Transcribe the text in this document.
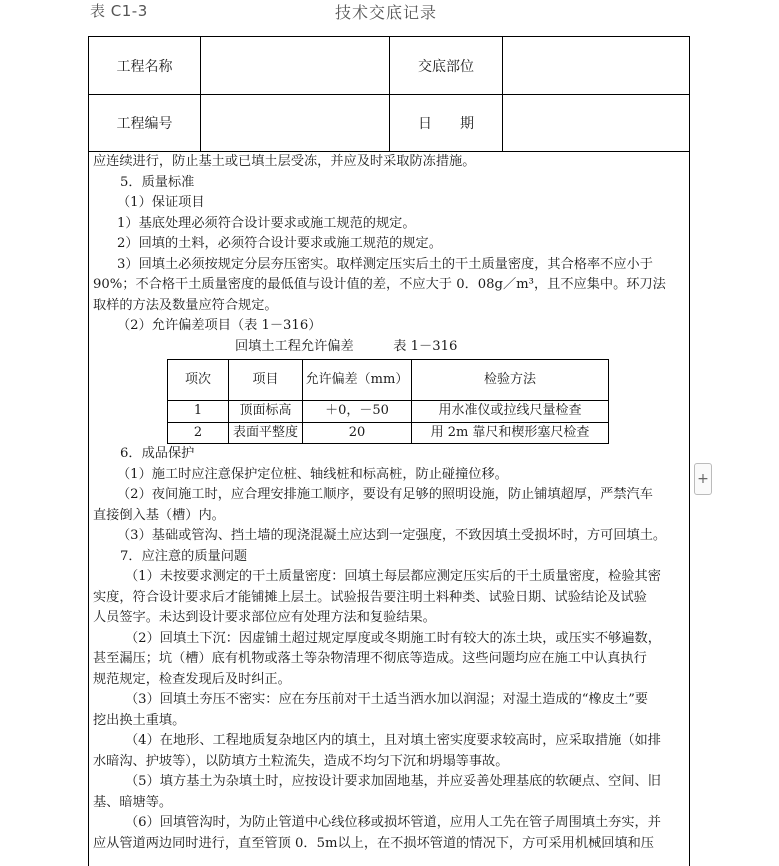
表 C1-3	技术交底记录
工程名称	交底部位
工程编号	日　　期

应连续进行，防止基土或已填土层受冻，并应及时采取防冻措施。

5．质量标准

（1）保证项目

1）基底处理必须符合设计要求或施工规范的规定。

2）回填的土料，必须符合设计要求或施工规范的规定。

3）回填土必须按规定分层夯压密实。取样测定压实后土的干土质量密度，其合格率不应小于

90%；不合格干土质量密度的最低值与设计值的差，不应大于 0．08g／m³，且不应集中。环刀法

取样的方法及数量应符合规定。

（2）允许偏差项目（表 1－316）

回填土工程允许偏差　　　表 1－316

项次	项目	允许偏差（mm）	检验方法
1	顶面标高	＋0，－50	用水准仪或拉线尺量检查
2	表面平整度	20	用 2m 靠尺和楔形塞尺检查

6．成品保护

（1）施工时应注意保护定位桩、轴线桩和标高桩，防止碰撞位移。

（2）夜间施工时，应合理安排施工顺序，要设有足够的照明设施，防止铺填超厚，严禁汽车

直接倒入基（槽）内。

（3）基础或管沟、挡土墙的现浇混凝土应达到一定强度，不致因填土受损坏时，方可回填土。

7．应注意的质量问题

（1）未按要求测定的干土质量密度：回填土每层都应测定压实后的干土质量密度，检验其密

实度，符合设计要求后才能铺摊上层土。试验报告要注明土料种类、试验日期、试验结论及试验

人员签字。未达到设计要求部位应有处理方法和复验结果。

（2）回填土下沉：因虚铺土超过规定厚度或冬期施工时有较大的冻土块，或压实不够遍数，

甚至漏压；坑（槽）底有机物或落土等杂物清理不彻底等造成。这些问题均应在施工中认真执行

规范规定，检查发现后及时纠正。

（3）回填土夯压不密实：应在夯压前对干土适当洒水加以润湿；对湿土造成的“橡皮土”要

挖出换土重填。

（4）在地形、工程地质复杂地区内的填土，且对填土密实度要求较高时，应采取措施（如排

水暗沟、护坡等），以防填方土粒流失，造成不均匀下沉和坍塌等事故。

（5）填方基土为杂填土时，应按设计要求加固地基，并应妥善处理基底的软硬点、空间、旧

基、暗塘等。

（6）回填管沟时，为防止管道中心线位移或损坏管道，应用人工先在管子周围填土夯实，并

应从管道两边同时进行，直至管顶 0．5m以上，在不损坏管道的情况下，方可采用机械回填和压

+
